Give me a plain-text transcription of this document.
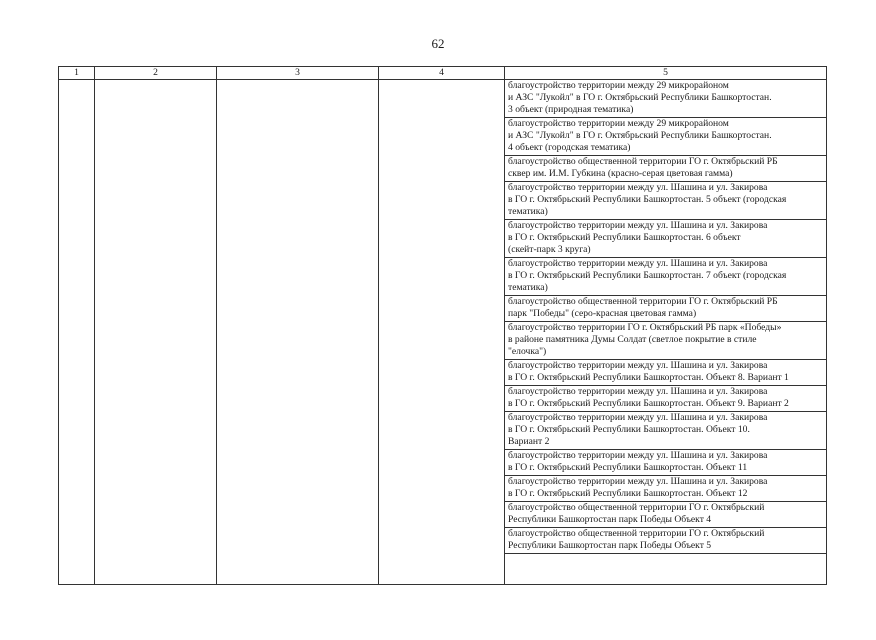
62
1	2	3	4	5
				благоустройство территории между 29 микрорайоном
и АЗС "Лукойл" в ГО г. Октябрьский Республики Башкортостан.
3 объект (природная тематика)
				благоустройство территории между 29 микрорайоном
и АЗС "Лукойл" в ГО г. Октябрьский Республики Башкортостан.
4 объект (городская тематика)
				благоустройство общественной территории ГО г. Октябрьский РБ
сквер им. И.М. Губкина (красно-серая цветовая гамма)
				благоустройство территории между ул. Шашина и ул. Закирова
в ГО г. Октябрьский Республики Башкортостан. 5 объект (городская
тематика)
				благоустройство территории между ул. Шашина и ул. Закирова
в ГО г. Октябрьский Республики Башкортостан. 6 объект
(скейт-парк 3 круга)
				благоустройство территории между ул. Шашина и ул. Закирова
в ГО г. Октябрьский Республики Башкортостан. 7 объект (городская
тематика)
				благоустройство общественной территории ГО г. Октябрьский РБ
парк "Победы" (серо-красная цветовая гамма)
				благоустройство территории ГО г. Октябрьский РБ парк «Победы»
в районе памятника Думы Солдат (светлое покрытие в стиле
"елочка")
				благоустройство территории между ул. Шашина и ул. Закирова
в ГО г. Октябрьский Республики Башкортостан. Объект 8. Вариант 1
				благоустройство территории между ул. Шашина и ул. Закирова
в ГО г. Октябрьский Республики Башкортостан. Объект 9. Вариант 2
				благоустройство территории между ул. Шашина и ул. Закирова
в ГО г. Октябрьский Республики Башкортостан. Объект 10.
Вариант 2
				благоустройство территории между ул. Шашина и ул. Закирова
в ГО г. Октябрьский Республики Башкортостан. Объект 11
				благоустройство территории между ул. Шашина и ул. Закирова
в ГО г. Октябрьский Республики Башкортостан. Объект 12
				благоустройство общественной территории ГО г. Октябрьский
Республики Башкортостан парк Победы Объект 4
				благоустройство общественной территории ГО г. Октябрьский
Республики Башкортостан парк Победы Объект 5
